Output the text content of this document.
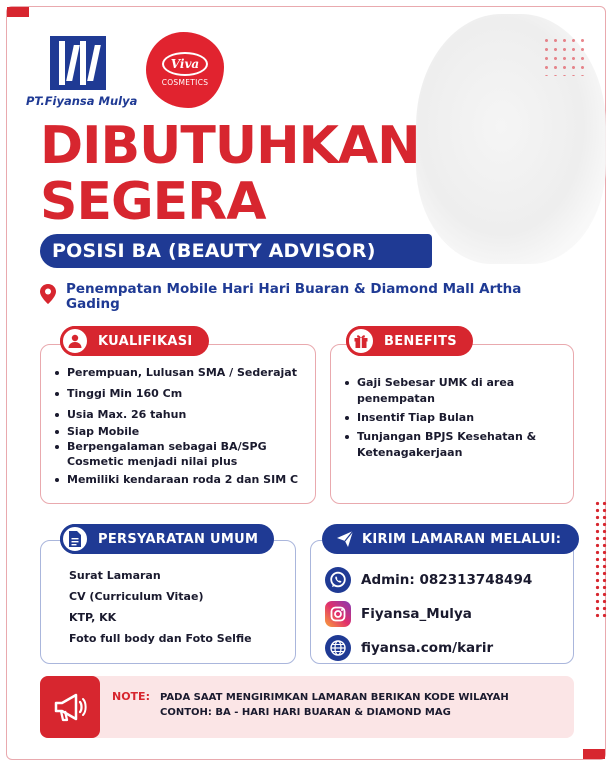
PT.Fiyansa Mulya
Viva
COSMETICS
DIBUTUHKAN
SEGERA
POSISI BA (BEAUTY ADVISOR)
Penempatan Mobile Hari Hari Buaran & Diamond Mall Artha Gading
Perempuan, Lulusan SMA / Sederajat
Tinggi Min 160 Cm
Usia Max. 26 tahun
Siap Mobile
Berpengalaman sebagai BA/SPG Cosmetic menjadi nilai plus
Memiliki kendaraan roda 2 dan SIM C
KUALIFIKASI
Gaji Sebesar UMK di area penempatan
Insentif Tiap Bulan
Tunjangan BPJS Kesehatan & Ketenagakerjaan
BENEFITS
Surat Lamaran
CV (Curriculum Vitae)
KTP, KK
Foto full body dan Foto Selfie
PERSYARATAN UMUM
Admin: 082313748494
Fiyansa_Mulya
fiyansa.com/karir
KIRIM LAMARAN MELALUI:
NOTE: PADA SAAT MENGIRIMKAN LAMARAN BERIKAN KODE WILAYAH
CONTOH: BA - HARI HARI BUARAN & DIAMOND MAG
